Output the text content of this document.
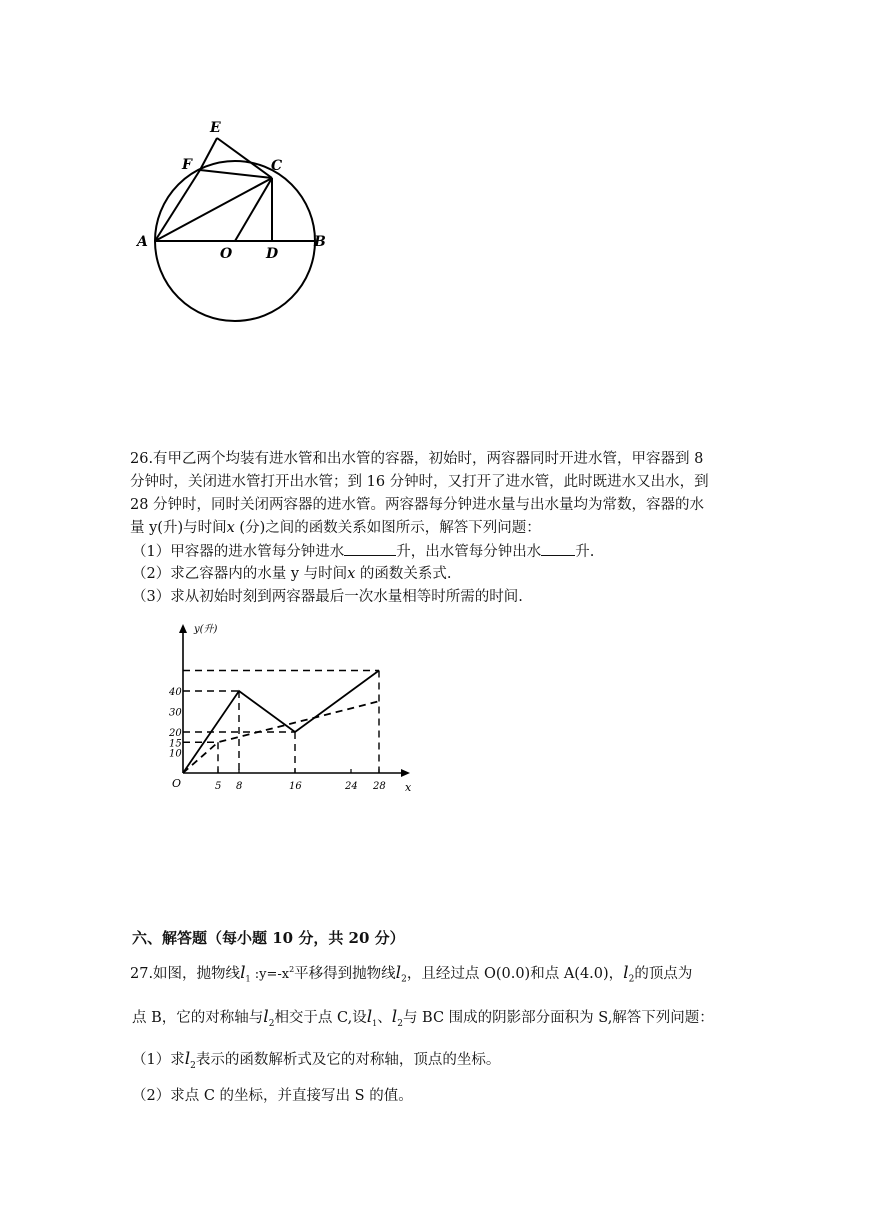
E
F	C
A
O D
B
26.有甲乙两个均装有进水管和出水管的容器，初始时，两容器同时开进水管，甲容器到 8
分钟时，关闭进水管打开出水管；到 16 分钟时，又打开了进水管，此时既进水又出水，到
28 分钟时，同时关闭两容器的进水管。两容器每分钟进水量与出水量均为常数，容器的水
量 y(升)与时间x (分)之间的函数关系如图所示，解答下列问题：
（1）甲容器的进水管每分钟进水	升，出水管每分钟出水 升.
（2）求乙容器内的水量 y 与时间x 的函数关系式.
（3）求从初始时刻到两容器最后一次水量相等时所需的时间.
5 8	16	24 28
10
15
20
30
40
y(升)
x
O
六、解答题（每小题 10 分，共 20 分）
27.如图，抛物线$l_1$ $:y=-x^2$平移得到抛物线$l_2$，且经过点 O(0.0)和点 A(4.0)，$l_2$的顶点为
点 B，它的对称轴与$l_2$相交于点 C,设$l_1$、$l_2$与 BC 围成的阴影部分面积为 S,解答下列问题：
（1）求$l_2$表示的函数解析式及它的对称轴，顶点的坐标。
（2）求点 C 的坐标，并直接写出 S 的值。
